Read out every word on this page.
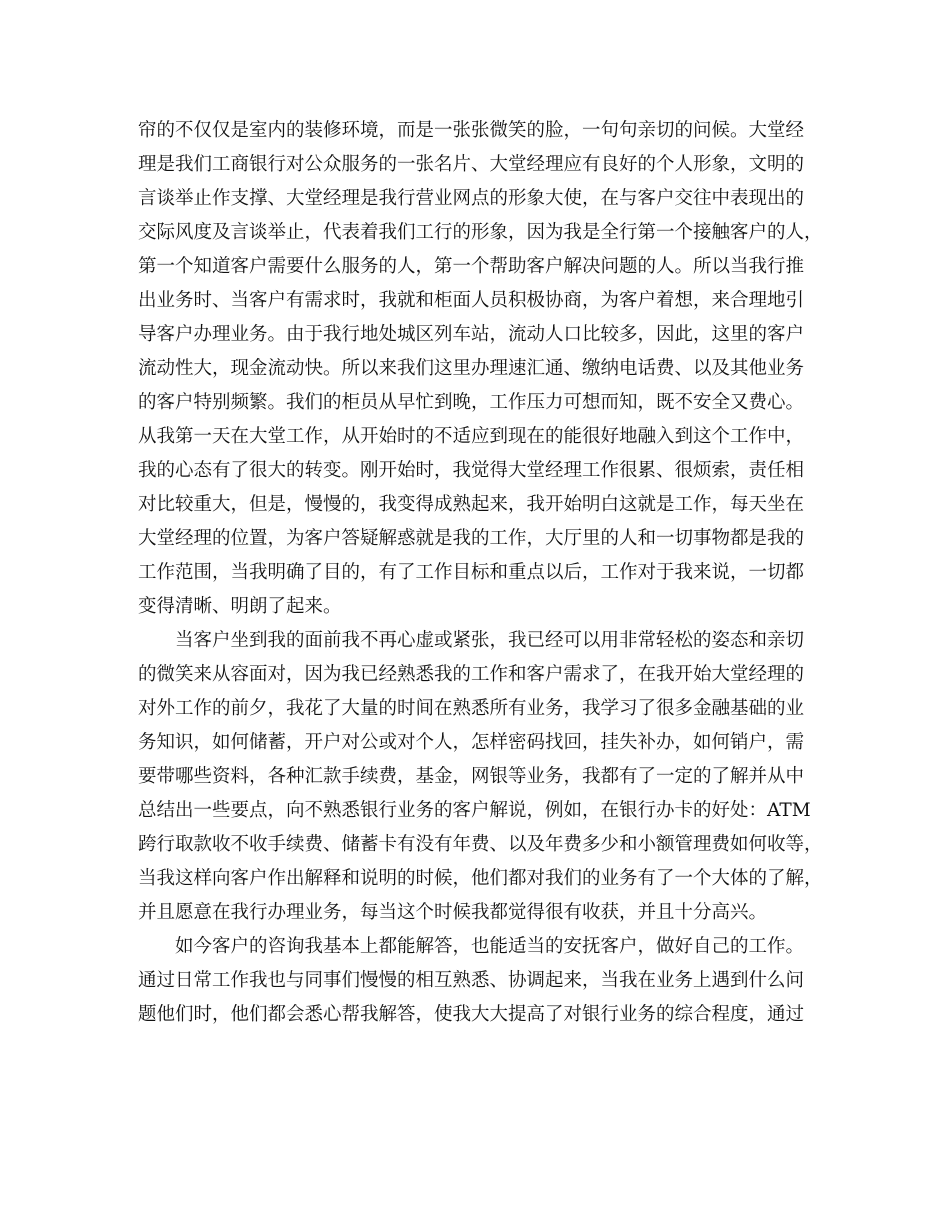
帘的不仅仅是室内的装修环境，而是一张张微笑的脸，一句句亲切的问候。大堂经
理是我们工商银行对公众服务的一张名片、大堂经理应有良好的个人形象，文明的
言谈举止作支撑、大堂经理是我行营业网点的形象大使，在与客户交往中表现出的
交际风度及言谈举止，代表着我们工行的形象，因为我是全行第一个接触客户的人，
第一个知道客户需要什么服务的人，第一个帮助客户解决问题的人。所以当我行推
出业务时、当客户有需求时，我就和柜面人员积极协商，为客户着想，来合理地引
导客户办理业务。由于我行地处城区列车站，流动人口比较多，因此，这里的客户
流动性大，现金流动快。所以来我们这里办理速汇通、缴纳电话费、以及其他业务
的客户特别频繁。我们的柜员从早忙到晚，工作压力可想而知，既不安全又费心。
从我第一天在大堂工作，从开始时的不适应到现在的能很好地融入到这个工作中，
我的心态有了很大的转变。刚开始时，我觉得大堂经理工作很累、很烦索，责任相
对比较重大，但是，慢慢的，我变得成熟起来，我开始明白这就是工作，每天坐在
大堂经理的位置，为客户答疑解惑就是我的工作，大厅里的人和一切事物都是我的
工作范围，当我明确了目的，有了工作目标和重点以后，工作对于我来说，一切都
变得清晰、明朗了起来。
当客户坐到我的面前我不再心虚或紧张，我已经可以用非常轻松的姿态和亲切
的微笑来从容面对，因为我已经熟悉我的工作和客户需求了，在我开始大堂经理的
对外工作的前夕，我花了大量的时间在熟悉所有业务，我学习了很多金融基础的业
务知识，如何储蓄，开户对公或对个人，怎样密码找回，挂失补办，如何销户，需
要带哪些资料，各种汇款手续费，基金，网银等业务，我都有了一定的了解并从中
总结出一些要点，向不熟悉银行业务的客户解说，例如，在银行办卡的好处：ATM
跨行取款收不收手续费、储蓄卡有没有年费、以及年费多少和小额管理费如何收等，
当我这样向客户作出解释和说明的时候，他们都对我们的业务有了一个大体的了解，
并且愿意在我行办理业务，每当这个时候我都觉得很有收获，并且十分高兴。
如今客户的咨询我基本上都能解答，也能适当的安抚客户，做好自己的工作。
通过日常工作我也与同事们慢慢的相互熟悉、协调起来，当我在业务上遇到什么问
题他们时，他们都会悉心帮我解答，使我大大提高了对银行业务的综合程度，通过
